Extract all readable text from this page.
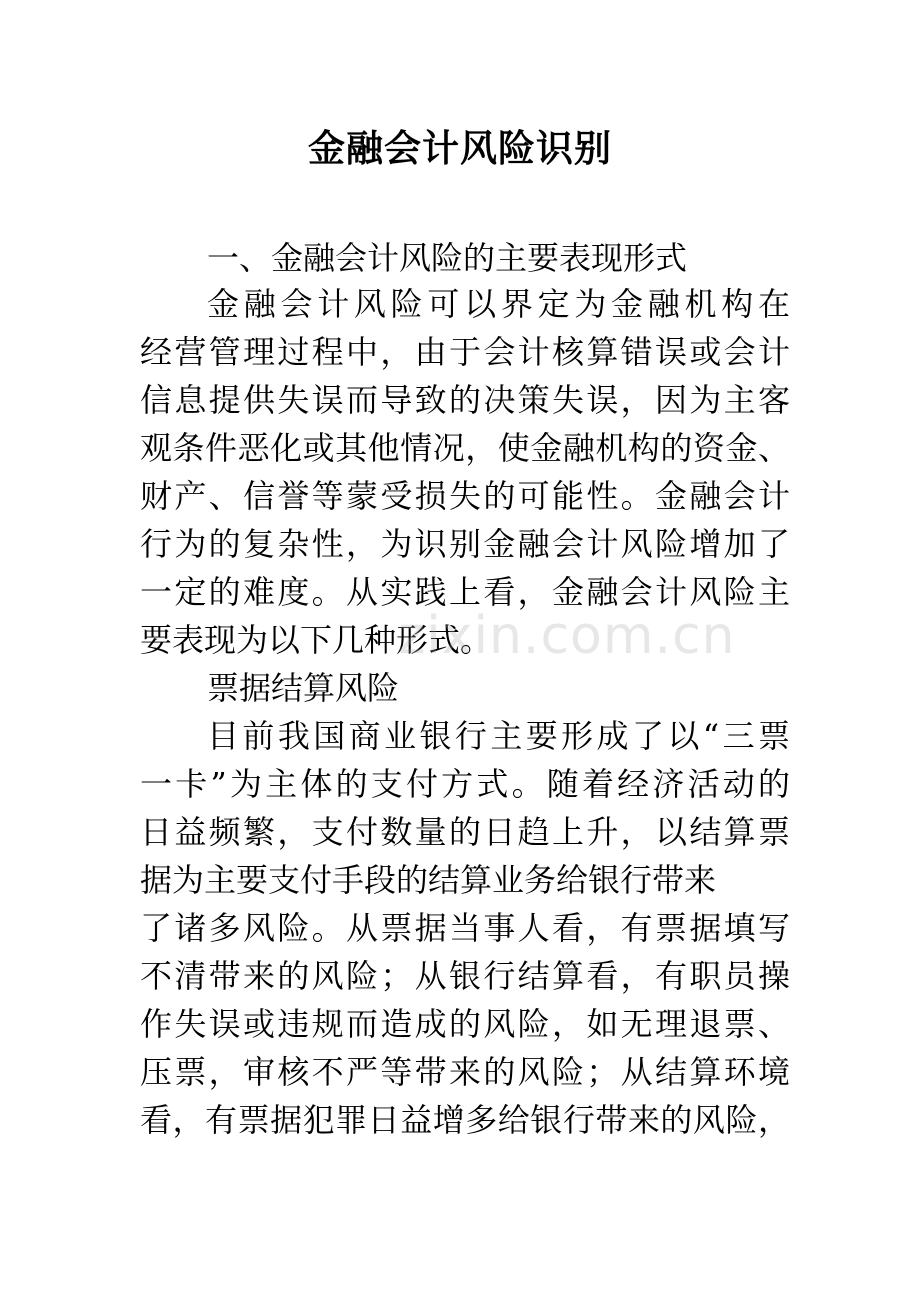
金融会计风险识别
一、金融会计风险的主要表现形式
金融会计风险可以界定为金融机构在
经营管理过程中，由于会计核算错误或会计
信息提供失误而导致的决策失误，因为主客
观条件恶化或其他情况，使金融机构的资金、
财产、信誉等蒙受损失的可能性。金融会计
行为的复杂性，为识别金融会计风险增加了
一定的难度。从实践上看，金融会计风险主
要表现为以下几种形式。
票据结算风险
目前我国商业银行主要形成了以“三票
一卡”为主体的支付方式。随着经济活动的
日益频繁，支付数量的日趋上升，以结算票
据为主要支付手段的结算业务给银行带来
了诸多风险。从票据当事人看，有票据填写
不清带来的风险；从银行结算看，有职员操
作失误或违规而造成的风险，如无理退票、
压票，审核不严等带来的风险；从结算环境
看，有票据犯罪日益增多给银行带来的风险，
zixin.com.cn
